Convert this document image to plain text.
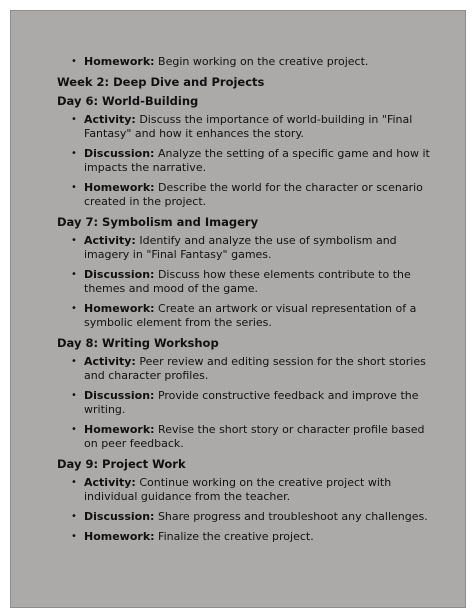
• Homework: Begin working on the creative project.
Week 2: Deep Dive and Projects
Day 6: World-Building
• Activity: Discuss the importance of world-building in "Final Fantasy" and how it enhances the story.
• Discussion: Analyze the setting of a specific game and how it impacts the narrative.
• Homework: Describe the world for the character or scenario created in the project.
Day 7: Symbolism and Imagery
• Activity: Identify and analyze the use of symbolism and imagery in "Final Fantasy" games.
• Discussion: Discuss how these elements contribute to the themes and mood of the game.
• Homework: Create an artwork or visual representation of a symbolic element from the series.
Day 8: Writing Workshop
• Activity: Peer review and editing session for the short stories and character profiles.
• Discussion: Provide constructive feedback and improve the writing.
• Homework: Revise the short story or character profile based on peer feedback.
Day 9: Project Work
• Activity: Continue working on the creative project with individual guidance from the teacher.
• Discussion: Share progress and troubleshoot any challenges.
• Homework: Finalize the creative project.
